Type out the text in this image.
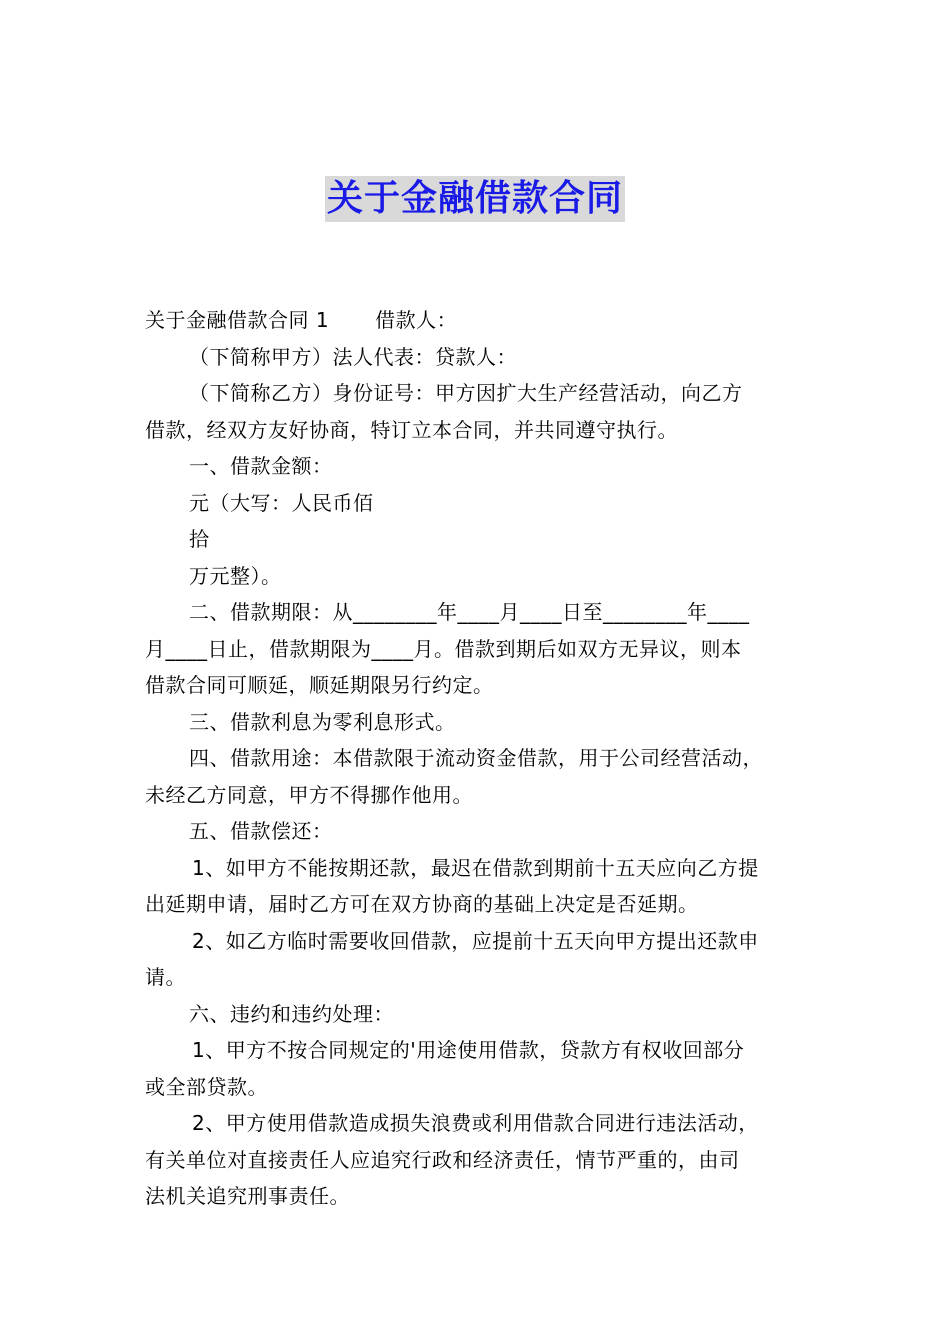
关于金融借款合同
关于金融借款合同 1 借款人：
（下简称甲方）法人代表：贷款人：
（下简称乙方）身份证号：甲方因扩大生产经营活动，向乙方
借款，经双方友好协商，特订立本合同，并共同遵守执行。
一、借款金额：
元（大写：人民币佰
拾
万元整）。
二、借款期限：从________年____月____日至________年____
月____日止，借款期限为____月。借款到期后如双方无异议，则本
借款合同可顺延，顺延期限另行约定。
三、借款利息为零利息形式。
四、借款用途：本借款限于流动资金借款，用于公司经营活动，
未经乙方同意，甲方不得挪作他用。
五、借款偿还：
1、如甲方不能按期还款，最迟在借款到期前十五天应向乙方提
出延期申请，届时乙方可在双方协商的基础上决定是否延期。
2、如乙方临时需要收回借款，应提前十五天向甲方提出还款申
请。
六、违约和违约处理：
1、甲方不按合同规定的'用途使用借款，贷款方有权收回部分
或全部贷款。
2、甲方使用借款造成损失浪费或利用借款合同进行违法活动，
有关单位对直接责任人应追究行政和经济责任，情节严重的，由司
法机关追究刑事责任。
